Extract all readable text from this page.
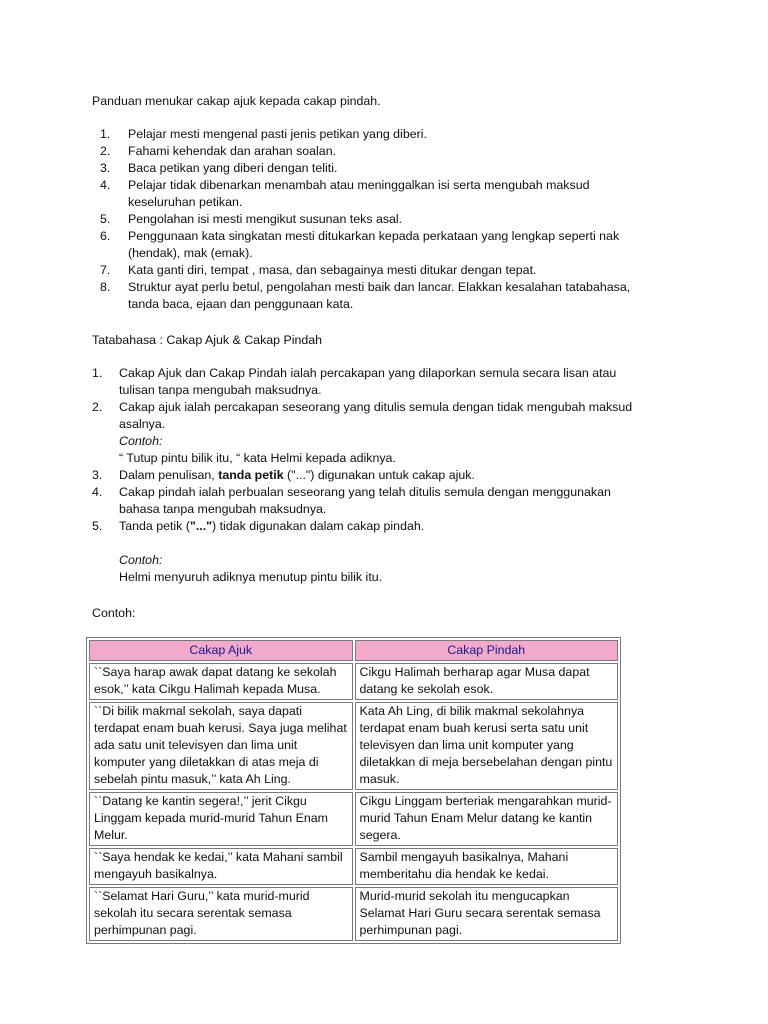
Panduan menukar cakap ajuk kepada cakap pindah.
1. Pelajar mesti mengenal pasti jenis petikan yang diberi.
2. Fahami kehendak dan arahan soalan.
3. Baca petikan yang diberi dengan teliti.
4. Pelajar tidak dibenarkan menambah atau meninggalkan isi serta mengubah maksud keseluruhan petikan.
5. Pengolahan isi mesti mengikut susunan teks asal.
6. Penggunaan kata singkatan mesti ditukarkan kepada perkataan yang lengkap seperti nak (hendak), mak (emak).
7. Kata ganti diri, tempat , masa, dan sebagainya mesti ditukar dengan tepat.
8. Struktur ayat perlu betul, pengolahan mesti baik dan lancar. Elakkan kesalahan tatabahasa, tanda baca, ejaan dan penggunaan kata.
Tatabahasa : Cakap Ajuk & Cakap Pindah
1. Cakap Ajuk dan Cakap Pindah ialah percakapan yang dilaporkan semula secara lisan atau tulisan tanpa mengubah maksudnya.
2. Cakap ajuk ialah percakapan seseorang yang ditulis semula dengan tidak mengubah maksud asalnya.
Contoh:
“ Tutup pintu bilik itu, “ kata Helmi kepada adiknya.
3. Dalam penulisan, tanda petik ("...") digunakan untuk cakap ajuk.
4. Cakap pindah ialah perbualan seseorang yang telah ditulis semula dengan menggunakan bahasa tanpa mengubah maksudnya.
5. Tanda petik ("...") tidak digunakan dalam cakap pindah.
Contoh:
Helmi menyuruh adiknya menutup pintu bilik itu.
Contoh:
Cakap Ajuk	Cakap Pindah
``Saya harap awak dapat datang ke sekolah esok,’’ kata Cikgu Halimah kepada Musa.	Cikgu Halimah berharap agar Musa dapat datang ke sekolah esok.
``Di bilik makmal sekolah, saya dapati terdapat enam buah kerusi. Saya juga melihat ada satu unit televisyen dan lima unit komputer yang diletakkan di atas meja di sebelah pintu masuk,’’ kata Ah Ling.	Kata Ah Ling, di bilik makmal sekolahnya terdapat enam buah kerusi serta satu unit televisyen dan lima unit komputer yang diletakkan di meja bersebelahan dengan pintu masuk.
``Datang ke kantin segera!,’’ jerit Cikgu Linggam kepada murid-murid Tahun Enam Melur.	Cikgu Linggam berteriak mengarahkan murid-murid Tahun Enam Melur datang ke kantin segera.
``Saya hendak ke kedai,’’ kata Mahani sambil mengayuh basikalnya.	Sambil mengayuh basikalnya, Mahani memberitahu dia hendak ke kedai.
``Selamat Hari Guru,’’ kata murid-murid sekolah itu secara serentak semasa perhimpunan pagi.	Murid-murid sekolah itu mengucapkan Selamat Hari Guru secara serentak semasa perhimpunan pagi.
